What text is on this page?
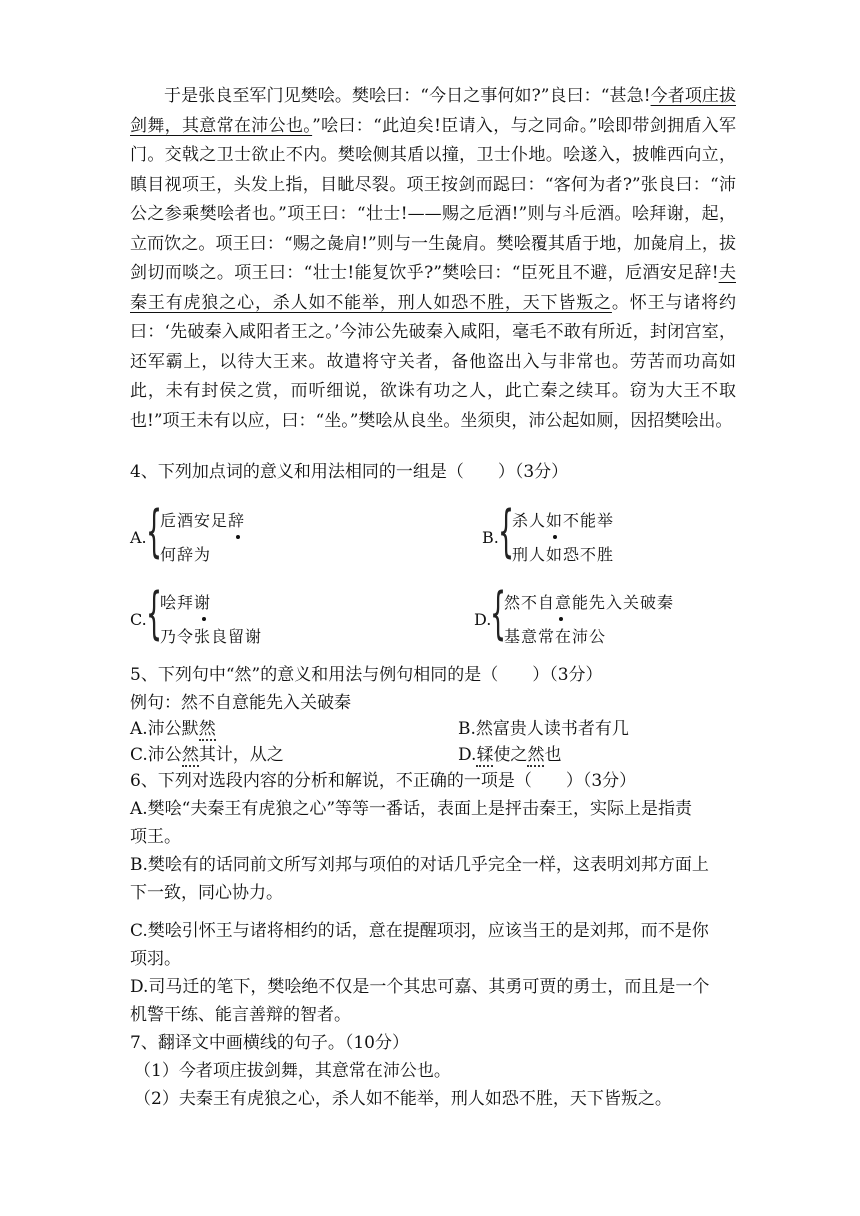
于是张良至军门见樊哙。樊哙曰：“今日之事何如?”良曰：“甚急!今者项庄拔剑舞，其意常在沛公也。”哙曰：“此迫矣!臣请入，与之同命。”哙即带剑拥盾入军门。交戟之卫士欲止不内。樊哙侧其盾以撞，卫士仆地。哙遂入，披帷西向立，瞋目视项王，头发上指，目眦尽裂。项王按剑而跽曰：“客何为者?”张良曰：“沛公之参乘樊哙者也。”项王曰：“壮士!——赐之卮酒!”则与斗卮酒。哙拜谢，起，立而饮之。项王曰：“赐之彘肩!”则与一生彘肩。樊哙覆其盾于地，加彘肩上，拔剑切而啖之。项王曰：“壮士!能复饮乎?”樊哙曰：“臣死且不避，卮酒安足辞!夫秦王有虎狼之心，杀人如不能举，刑人如恐不胜，天下皆叛之。怀王与诸将约曰：‘先破秦入咸阳者王之。’今沛公先破秦入咸阳，毫毛不敢有所近，封闭宫室，还军霸上，以待大王来。故遣将守关者，备他盗出入与非常也。劳苦而功高如此，未有封侯之赏，而听细说，欲诛有功之人，此亡秦之续耳。窃为大王不取也!”项王未有以应，曰：“坐。”樊哙从良坐。坐须臾，沛公起如厕，因招樊哙出。

4、下列加点词的意义和用法相同的一组是（　　）（3分）
A. {
卮酒安足辞
何辞为
B. {
杀人如不能举
刑人如恐不胜
C. {
哙拜谢
乃令张良留谢
D.
{
然不自意能先入关破秦
基意常在沛公
5、下列句中“然”的意义和用法与例句相同的是（　　）（3分）
例句：然不自意能先入关破秦
A.沛公默然	B.然富贵人读书者有几
C.沛公然其计，从之	D.𫐓使之然也
6、下列对选段内容的分析和解说，不正确的一项是（　　）（3分）
A.樊哙“夫秦王有虎狼之心”等等一番话，表面上是抨击秦王，实际上是指责
项王。
B.樊哙有的话同前文所写刘邦与项伯的对话几乎完全一样，这表明刘邦方面上
下一致，同心协力。
C.樊哙引怀王与诸将相约的话，意在提醒项羽，应该当王的是刘邦，而不是你
项羽。
D.司马迁的笔下，樊哙绝不仅是一个其忠可嘉、其勇可贾的勇士，而且是一个
机警干练、能言善辩的智者。
7、翻译文中画横线的句子。（10分）
（1）今者项庄拔剑舞，其意常在沛公也。
（2）夫秦王有虎狼之心，杀人如不能举，刑人如恐不胜，天下皆叛之。
